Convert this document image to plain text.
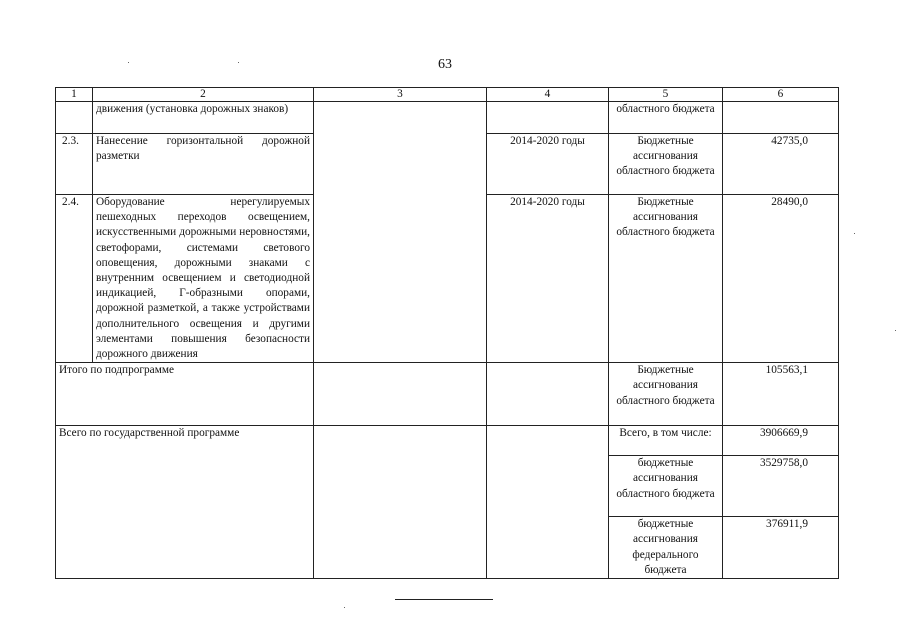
63
1	2	3	4	5	6
	движения (установка дорожных знаков)			областного бюджета	
2.3.	Нанесение горизонтальной дорожной разметки		2014-2020 годы	Бюджетные ассигнования областного бюджета	42735,0
2.4.	Оборудование нерегулируемых пешеходных переходов освещением, искусственными дорожными неровностями, светофорами, системами светового оповещения, дорожными знаками с внутренним освещением и светодиодной индикацией, Г-образными опорами, дорожной разметкой, а также устройствами дополнительного освещения и другими элементами повышения безопасности дорожного движения		2014-2020 годы	Бюджетные ассигнования областного бюджета	28490,0
Итого по подпрограмме				Бюджетные ассигнования областного бюджета	105563,1
Всего по государственной программе				Всего, в том числе:	3906669,9
				бюджетные ассигнования областного бюджета	3529758,0
				бюджетные ассигнования федерального бюджета	376911,9
